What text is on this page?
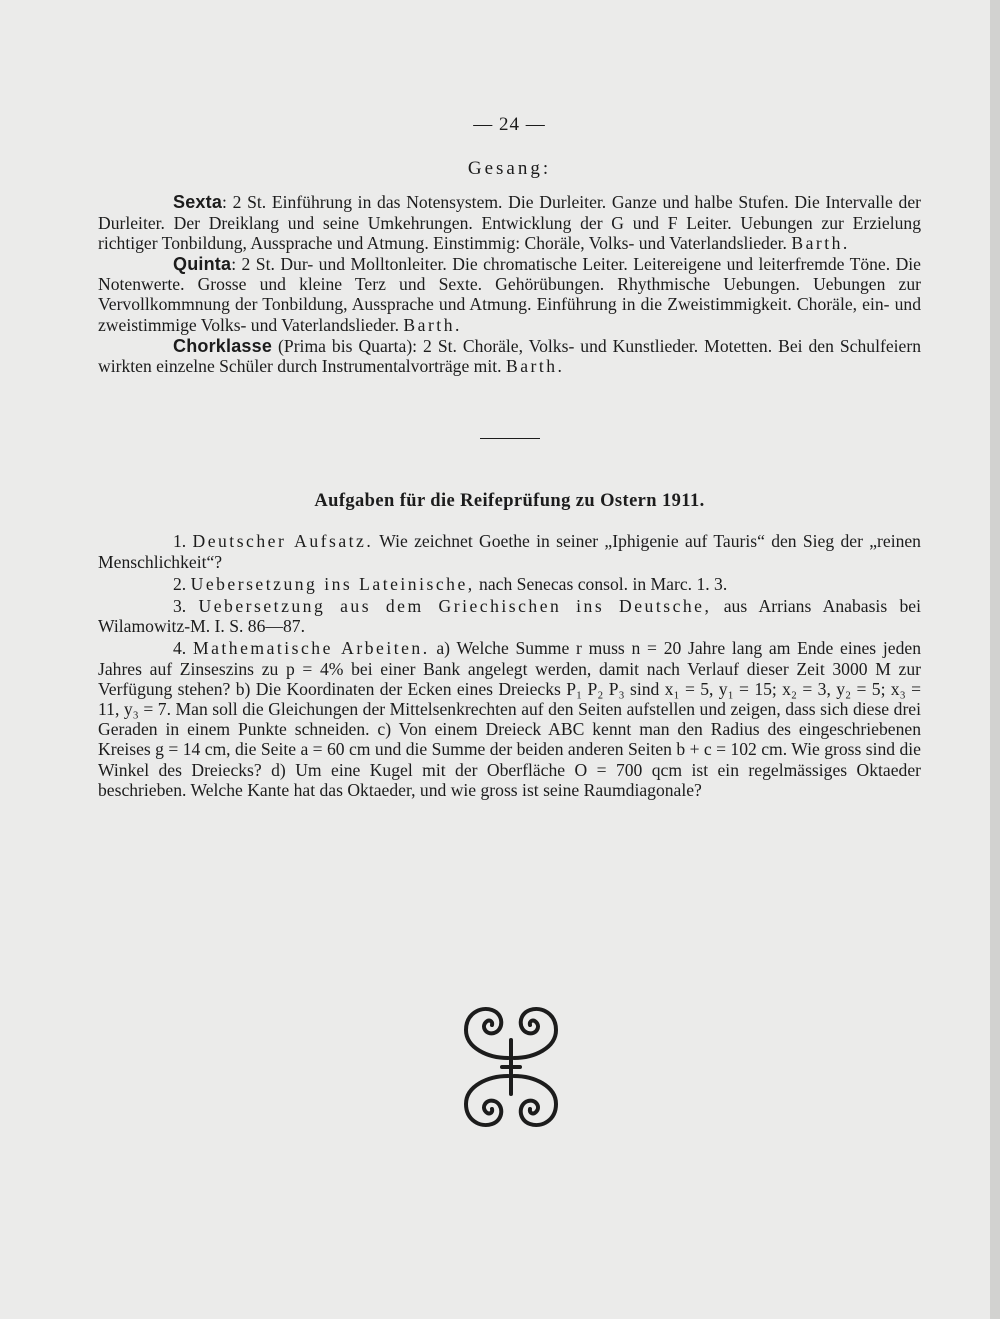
— 24 —
Gesang:

Sexta: 2 St. Einführung in das Notensystem. Die Durleiter. Ganze und halbe Stufen. Die Intervalle der Durleiter. Der Dreiklang und seine Umkehrungen. Entwicklung der G und F Leiter. Uebungen zur Erzielung richtiger Tonbildung, Aussprache und Atmung. Einstimmig: Choräle, Volks- und Vaterlandslieder. Barth.

Quinta: 2 St. Dur- und Molltonleiter. Die chromatische Leiter. Leitereigene und leiterfremde Töne. Die Notenwerte. Grosse und kleine Terz und Sexte. Gehörübungen. Rhythmische Uebungen. Uebungen zur Vervollkommnung der Tonbildung, Aussprache und Atmung. Einführung in die Zweistimmigkeit. Choräle, ein- und zweistimmige Volks- und Vaterlandslieder. Barth.

Chorklasse (Prima bis Quarta): 2 St. Choräle, Volks- und Kunstlieder. Motetten. Bei den Schulfeiern wirkten einzelne Schüler durch Instrumentalvorträge mit. Barth.

Aufgaben für die Reifeprüfung zu Ostern 1911.

1. Deutscher Aufsatz. Wie zeichnet Goethe in seiner „Iphigenie auf Tauris“ den Sieg der „reinen Menschlichkeit“?

2. Uebersetzung ins Lateinische, nach Senecas consol. in Marc. 1. 3.

3. Uebersetzung aus dem Griechischen ins Deutsche, aus Arrians Anabasis bei Wilamowitz-M. I. S. 86—87.

4. Mathematische Arbeiten. a) Welche Summe r muss n = 20 Jahre lang am Ende eines jeden Jahres auf Zinseszins zu p = 4% bei einer Bank angelegt werden, damit nach Verlauf dieser Zeit 3000 M zur Verfügung stehen? b) Die Koordinaten der Ecken eines Dreiecks P₁ P₂ P₃ sind x₁ = 5, y₁ = 15; x₂ = 3, y₂ = 5; x₃ = 11, y₃ = 7. Man soll die Gleichungen der Mittelsenkrechten auf den Seiten aufstellen und zeigen, dass sich diese drei Geraden in einem Punkte schneiden. c) Von einem Dreieck ABC kennt man den Radius des eingeschriebenen Kreises g = 14 cm, die Seite a = 60 cm und die Summe der beiden anderen Seiten b + c = 102 cm. Wie gross sind die Winkel des Dreiecks? d) Um eine Kugel mit der Oberfläche O = 700 qcm ist ein regelmässiges Oktaeder beschrieben. Welche Kante hat das Oktaeder, und wie gross ist seine Raumdiagonale?
